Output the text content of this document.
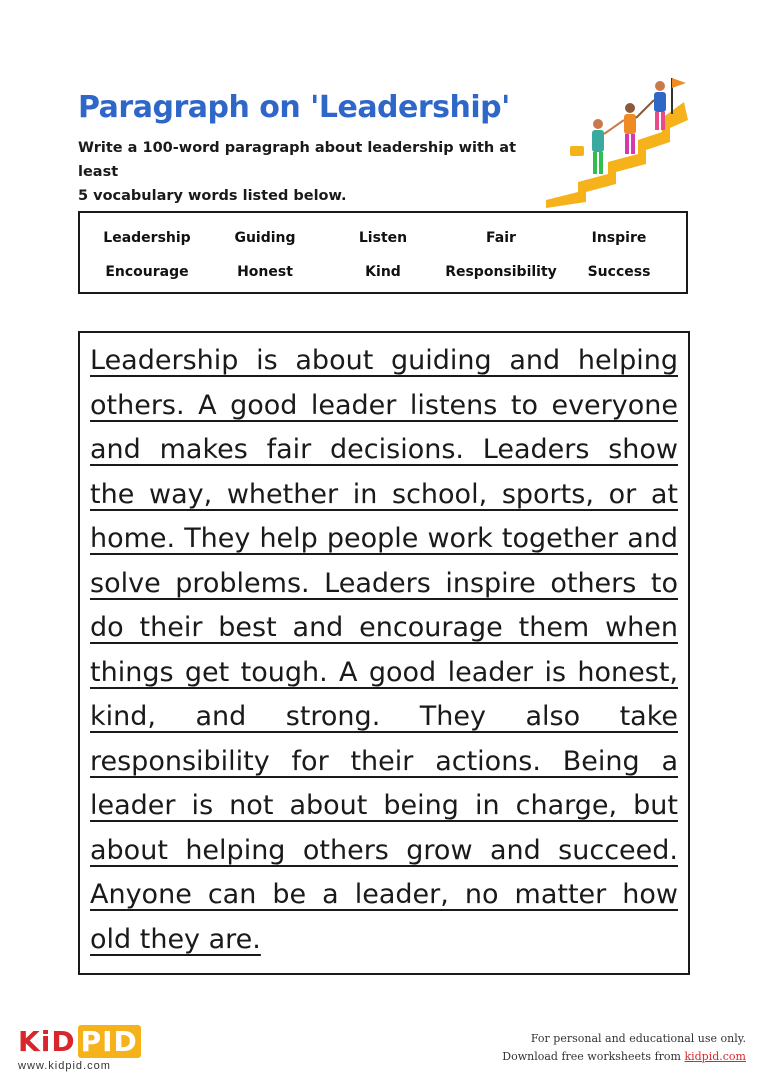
Paragraph on 'Leadership'
Write a 100-word paragraph about leadership with at least
5 vocabulary words listed below.
Leadership	Guiding	Listen	Fair	Inspire
Encourage	Honest	Kind	Responsibility	Success
Leadership is about guiding and helping
others. A good leader listens to everyone
and makes fair decisions. Leaders show
the way, whether in school, sports, or at
home. They help people work together and
solve problems. Leaders inspire others to
do their best and encourage them when
things get tough. A good leader is honest,
kind, and strong. They also take
responsibility for their actions. Being a
leader is not about being in charge, but
about helping others grow and succeed.
Anyone can be a leader, no matter how
old they are.
KiD PID
www.kidpid.com
For personal and educational use only.
Download free worksheets from kidpid.com
